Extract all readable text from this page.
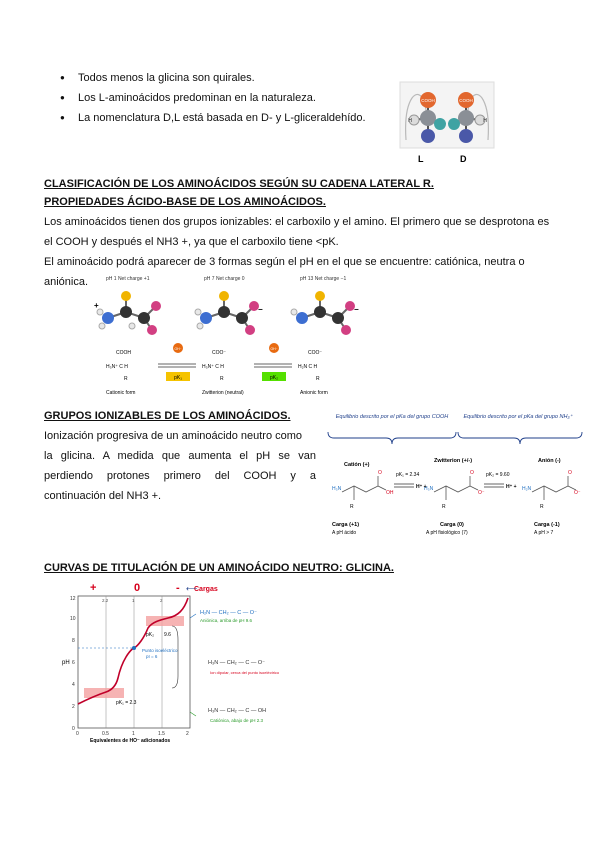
● Todos menos la glicina son quirales.
● Los L-aminoácidos predominan en la naturaleza.
● La nomenclatura D,L está basada en D- y L-gliceraldehído.
COOH
H
COOH
H
L	D
CLASIFICACIÓN DE LOS AMINOÁCIDOS SEGÚN SU CADENA LATERAL R.
PROPIEDADES ÁCIDO-BASE DE LOS AMINOÁCIDOS.
Los aminoácidos tienen dos grupos ionizables: el carboxilo y el amino. El primero que se desprotona es
el COOH y después el NH3 +, ya que el carboxilo tiene <pK.
El aminoácido podrá aparecer de 3 formas según el pH en el que se encuentre: catiónica, neutra o
aniónica.	pH 1 Net charge +1
+
pH 7 Net charge 0
−
pH 13 Net charge −1
−
OH⁻	OH⁻
COOH
H₃N⁺ C H
R
COO⁻
H₃N⁺ C H
R
COO⁻
H₂N C H
R
pK₁	pK₂
Cationic form	Zwitterion (neutral)	Anionic form
GRUPOS IONIZABLES DE LOS AMINOÁCIDOS.
Ionización progresiva de un aminoácido neutro como
la glicina. A medida que aumenta el pH se van
perdiendo protones primero del COOH y a
continuación del NH3 +.
Equilibrio descrito por el pKa del grupo COOH	Equilibrio descrito por el pKa del grupo NH₃⁺
Catión (+)
Zwitterion (+/-)	Anión (-)
H₃N
R
O
OH
H₃N
R
O
O⁻
H₂N
R
O
O⁻
pK₁ = 2.34
H⁺ +
pK₂ = 9.60
H⁺ +
Carga (+1)
A pH ácido
Carga (0)
A pH fisiológico (7)
Carga (-1)
A pH > 7
CURVAS DE TITULACIÓN DE UN AMINOÁCIDO NEUTRO: GLICINA.
+	0	- Cargas
⟵
0
2
4
6
8
10
12
pH
0	0.5	1	1.5	2
Equivalentes de HO⁻ adicionados
2.2	1	2
pK₂ 9.6
pK₁ = 2.3
Punto isoeléctrico
pI = 6
H₂N — CH₂ — C — O⁻
Aniónica, arriba de pH 9.6
H₃N — CH₂ — C — O⁻
Ion dipolar, cerca del punto isoeléctrico
H₃N — CH₂ — C — OH
Catiónica, abajo de pH 2.3
